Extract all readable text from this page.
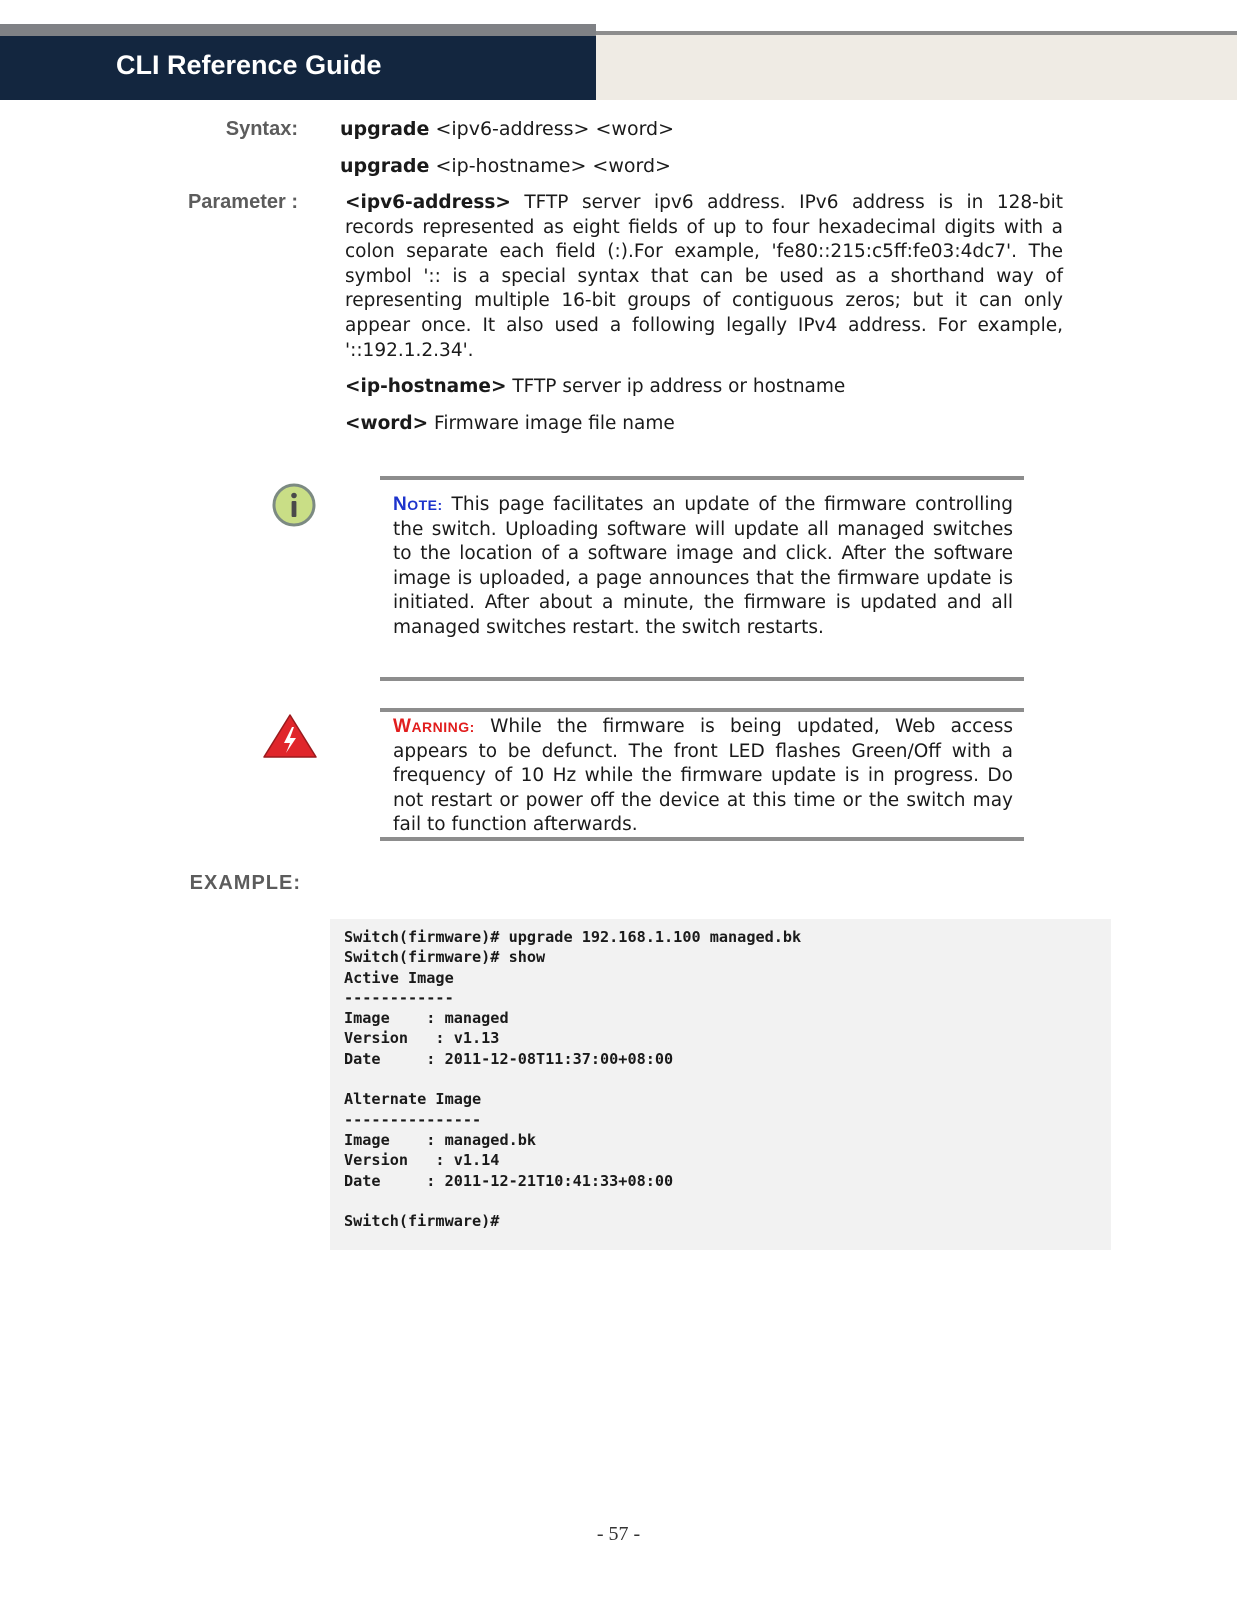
CLI Reference Guide
Syntax: upgrade <ipv6-address> <word>
upgrade <ip-hostname> <word>
Parameter :	<ipv6-address> TFTP server ipv6 address. IPv6 address is in 128-bit records represented as eight fields of up to four hexadecimal digits with a colon separate each field (:).For example, 'fe80::215:c5ff:fe03:4dc7'. The symbol ':: is a special syntax that can be used as a shorthand way of representing multiple 16-bit groups of contiguous zeros; but it can only appear once. It also used a following legally IPv4 address. For example, '::192.1.2.34'.
<ip-hostname> TFTP server ip address or hostname
<word> Firmware image file name
NOTE: This page facilitates an update of the firmware controlling the switch. Uploading software will update all managed switches to the location of a software image and click. After the software image is uploaded, a page announces that the firmware update is initiated. After about a minute, the firmware is updated and all managed switches restart. the switch restarts.
WARNING: While the firmware is being updated, Web access appears to be defunct. The front LED flashes Green/Off with a frequency of 10 Hz while the firmware update is in progress. Do not restart or power off the device at this time or the switch may fail to function afterwards.
EXAMPLE:
Switch(firmware)# upgrade 192.168.1.100 managed.bk
Switch(firmware)# show
Active Image
------------
Image    : managed
Version   : v1.13
Date     : 2011-12-08T11:37:00+08:00

Alternate Image
---------------
Image    : managed.bk
Version   : v1.14
Date     : 2011-12-21T10:41:33+08:00

Switch(firmware)#
- 57 -
